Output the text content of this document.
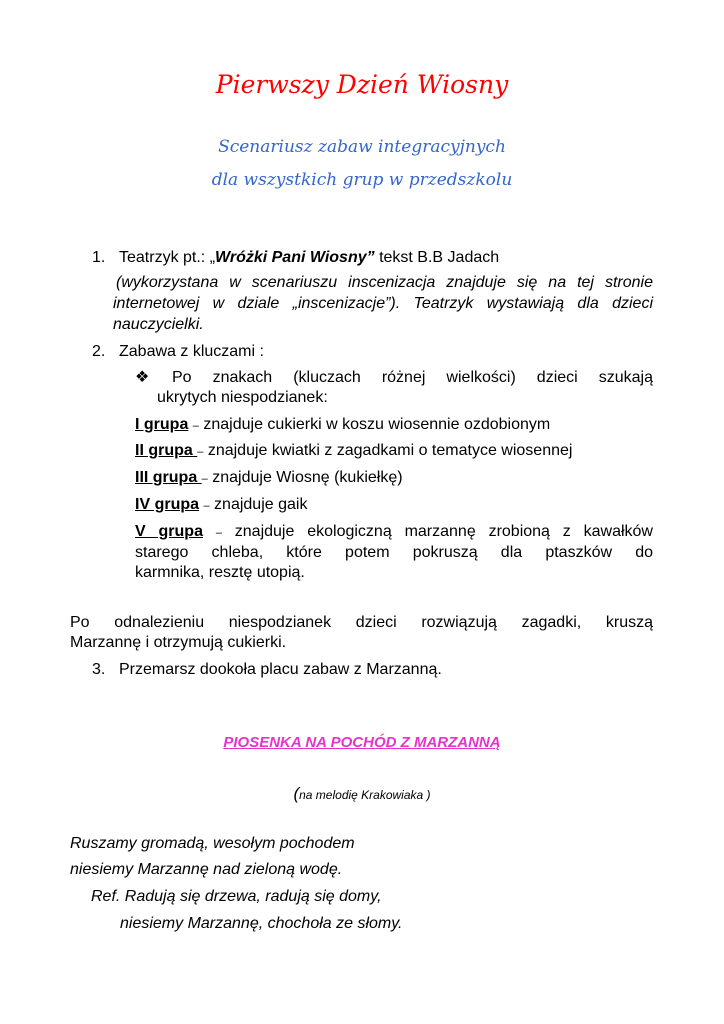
Pierwszy Dzień Wiosny
Scenariusz zabaw integracyjnych
dla wszystkich grup w przedszkolu
1. Teatrzyk pt.: „Wróżki Pani Wiosny” tekst B.B Jadach
(wykorzystana w scenariuszu inscenizacja znajduje się na tej stronie
internetowej w dziale „inscenizacje”). Teatrzyk wystawiają dla dzieci
nauczycielki.
2. Zabawa z kluczami :
❖ Po znakach (kluczach różnej wielkości) dzieci szukają
ukrytych niespodzianek:
I grupa – znajduje cukierki w koszu wiosennie ozdobionym
II grupa – znajduje kwiatki z zagadkami o tematyce wiosennej
III grupa – znajduje Wiosnę (kukiełkę)
IV grupa – znajduje gaik
V grupa – znajduje ekologiczną marzannę zrobioną z kawałków
starego chleba, które potem pokruszą dla ptaszków do
karmnika, resztę utopią.
Po odnalezieniu niespodzianek dzieci rozwiązują zagadki, kruszą
Marzannę i otrzymują cukierki.
3. Przemarsz dookoła placu zabaw z Marzanną.
PIOSENKA NA POCHÓD Z MARZANNĄ
(na melodię Krakowiaka )
Ruszamy gromadą, wesołym pochodem
niesiemy Marzannę nad zieloną wodę.
Ref. Radują się drzewa, radują się domy,
niesiemy Marzannę, chochoła ze słomy.
